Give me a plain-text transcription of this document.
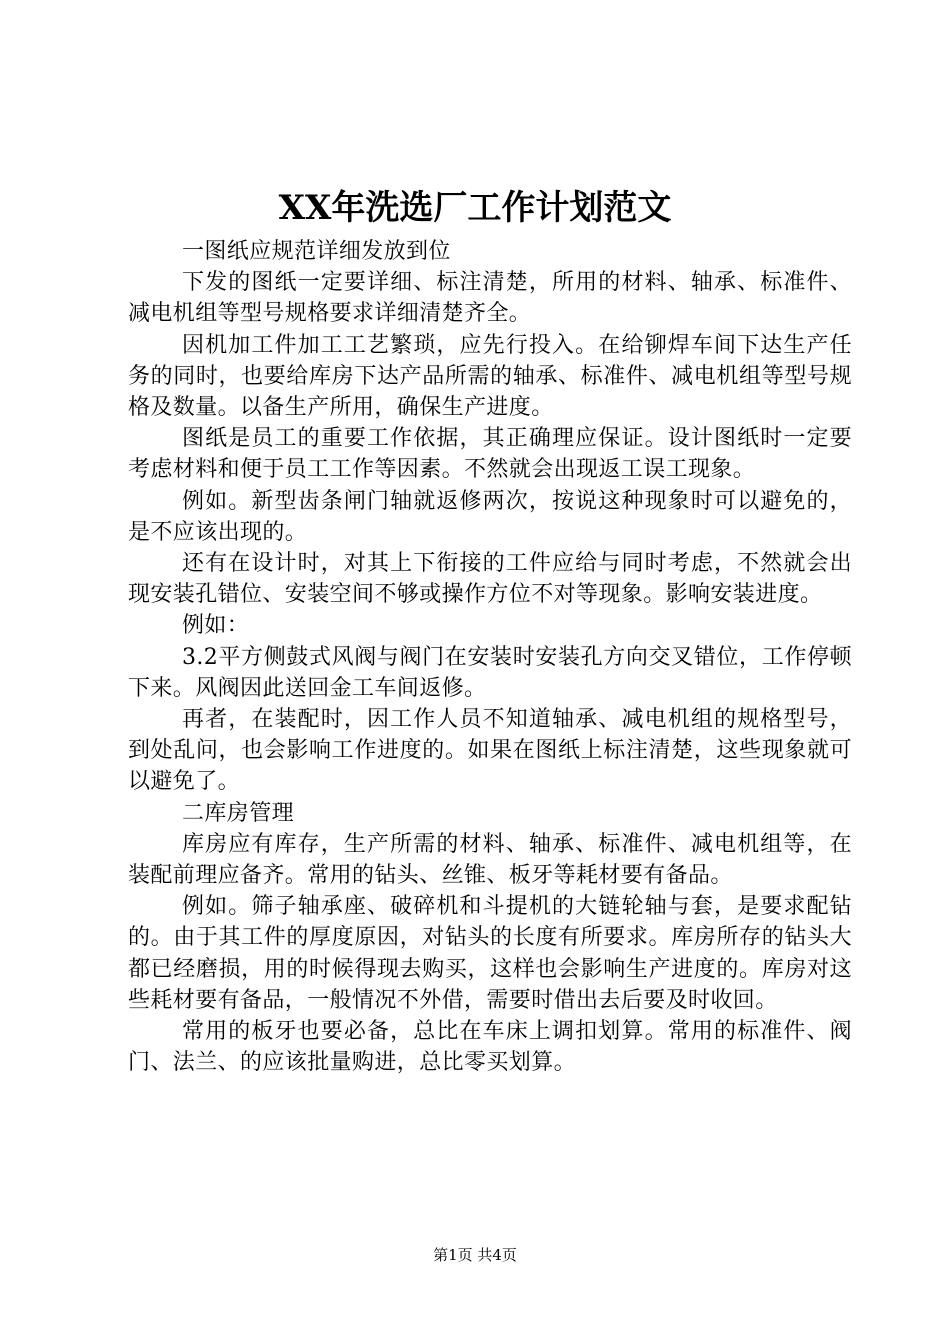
XX年洗选厂工作计划范文

一图纸应规范详细发放到位

下发的图纸一定要详细、标注清楚，所用的材料、轴承、标准件、减电机组等型号规格要求详细清楚齐全。

因机加工件加工工艺繁琐，应先行投入。在给铆焊车间下达生产任务的同时，也要给库房下达产品所需的轴承、标准件、减电机组等型号规格及数量。以备生产所用，确保生产进度。

图纸是员工的重要工作依据，其正确理应保证。设计图纸时一定要考虑材料和便于员工工作等因素。不然就会出现返工误工现象。

例如。新型齿条闸门轴就返修两次，按说这种现象时可以避免的，是不应该出现的。

还有在设计时，对其上下衔接的工件应给与同时考虑，不然就会出现安装孔错位、安装空间不够或操作方位不对等现象。影响安装进度。

例如：

3.2平方侧鼓式风阀与阀门在安装时安装孔方向交叉错位，工作停顿下来。风阀因此送回金工车间返修。

再者，在装配时，因工作人员不知道轴承、减电机组的规格型号，到处乱问，也会影响工作进度的。如果在图纸上标注清楚，这些现象就可以避免了。

二库房管理

库房应有库存，生产所需的材料、轴承、标准件、减电机组等，在装配前理应备齐。常用的钻头、丝锥、板牙等耗材要有备品。

例如。筛子轴承座、破碎机和斗提机的大链轮轴与套，是要求配钻的。由于其工件的厚度原因，对钻头的长度有所要求。库房所存的钻头大都已经磨损，用的时候得现去购买，这样也会影响生产进度的。库房对这些耗材要有备品，一般情况不外借，需要时借出去后要及时收回。

常用的板牙也要必备，总比在车床上调扣划算。常用的标准件、阀门、法兰、的应该批量购进，总比零买划算。

第1页 共4页
